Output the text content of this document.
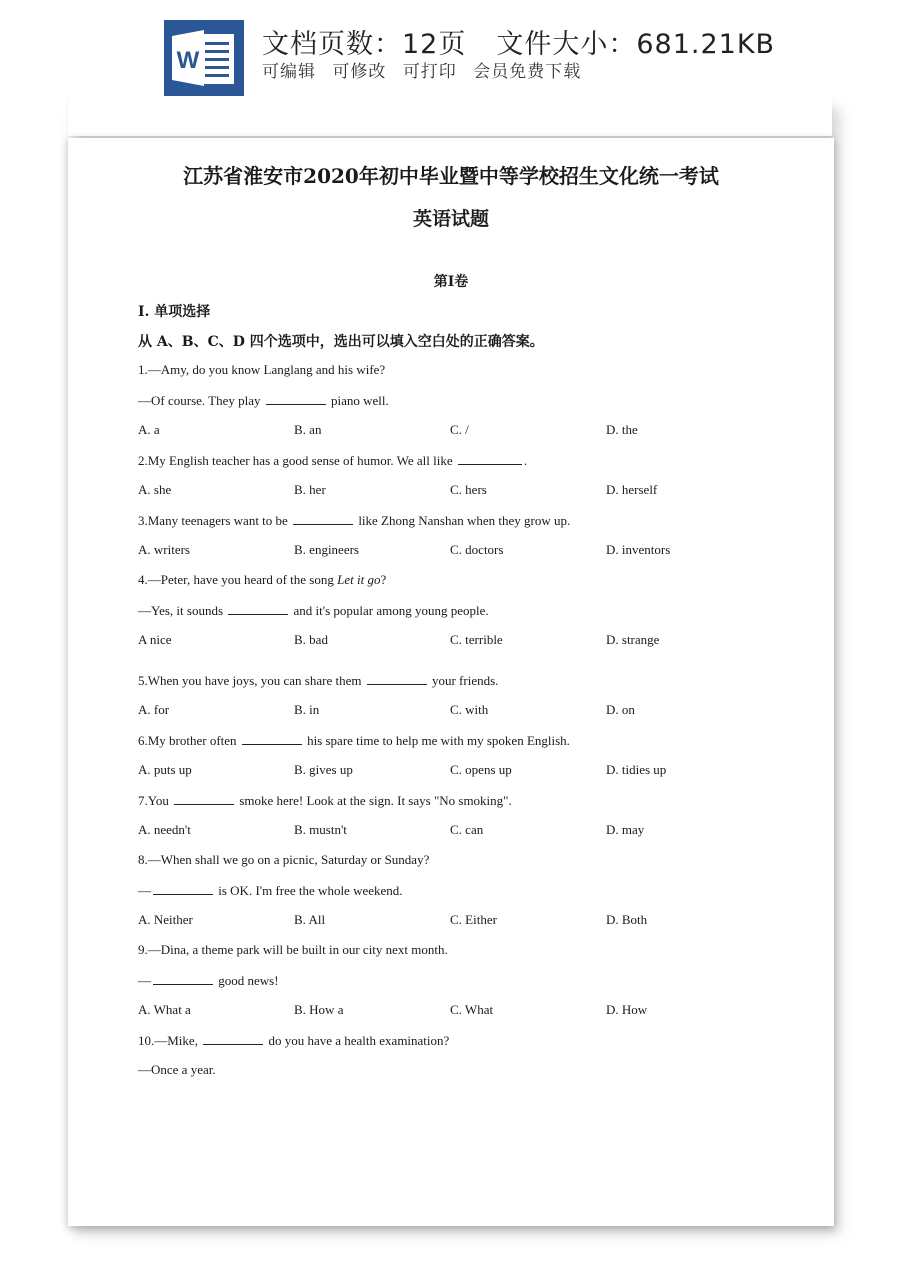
W
文档页数：12页 文件大小：681.21KB
可编辑 可修改 可打印 会员免费下载
江苏省淮安市2020年初中毕业暨中等学校招生文化统一考试
英语试题
第I卷
I. 单项选择
从 A、B、C、D 四个选项中，选出可以填入空白处的正确答案。
1.—Amy, do you know Langlang and his wife?
—Of course. They play	piano well.
A. a	B. an	C. /	D. the
2.My English teacher has a good sense of humor. We all like	.
A. she	B. her	C. hers	D. herself
3.Many teenagers want to be	like Zhong Nanshan when they grow up.
A. writers	B. engineers	C. doctors	D. inventors
4.—Peter, have you heard of the song Let it go?
—Yes, it sounds	and it's popular among young people.
A nice	B. bad	C. terrible	D. strange
5.When you have joys, you can share them	your friends.
A. for	B. in	C. with	D. on
6.My brother often	his spare time to help me with my spoken English.
A. puts up	B. gives up	C. opens up	D. tidies up
7.You	smoke here! Look at the sign. It says "No smoking".
A. needn't	B. mustn't	C. can	D. may
8.—When shall we go on a picnic, Saturday or Sunday?
—	is OK. I'm free the whole weekend.
A. Neither	B. All	C. Either	D. Both
9.—Dina, a theme park will be built in our city next month.
—	good news!
A. What a	B. How a	C. What	D. How
10.—Mike,	do you have a health examination?
—Once a year.
